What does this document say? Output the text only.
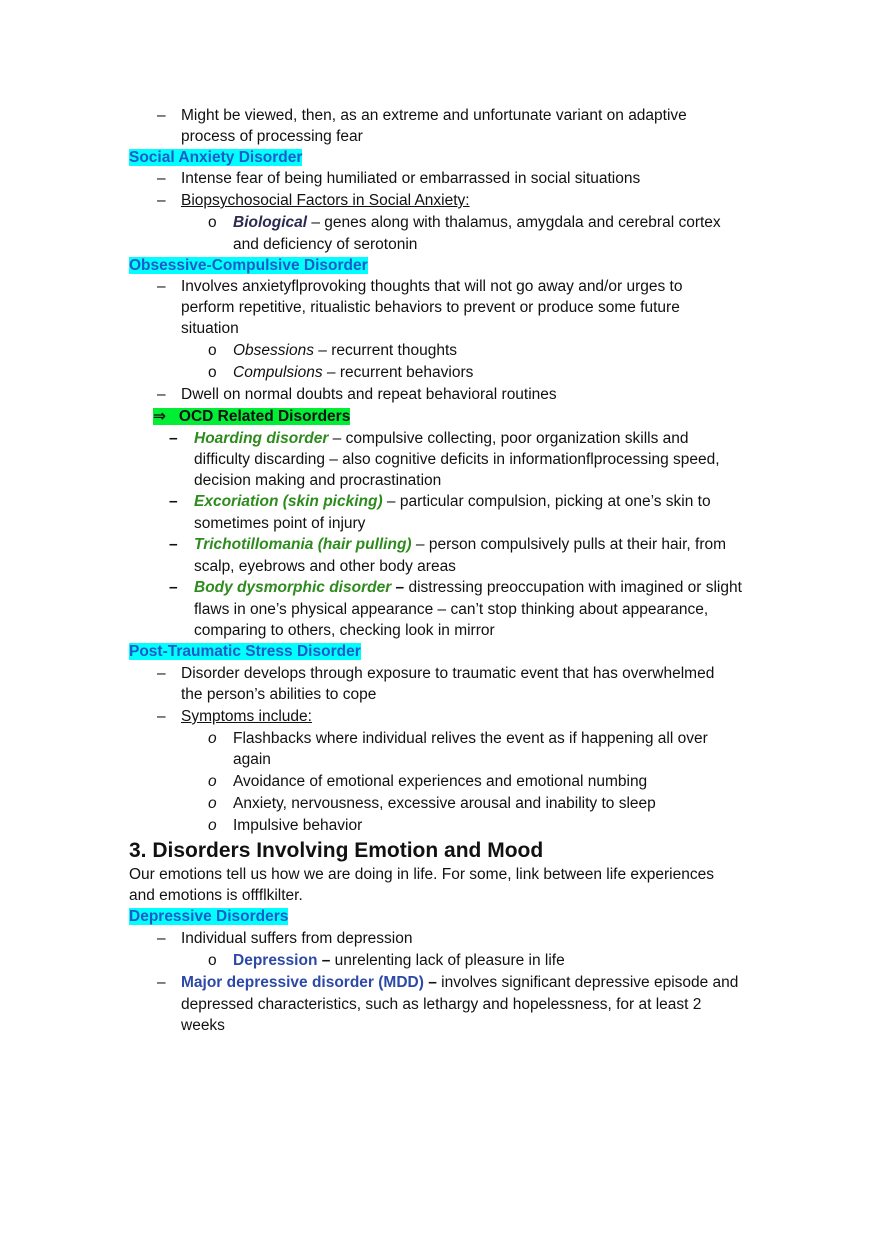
– Might be viewed, then, as an extreme and unfortunate variant on adaptive
process of processing fear
Social Anxiety Disorder
– Intense fear of being humiliated or embarrassed in social situations
– Biopsychosocial Factors in Social Anxiety:
o Biological – genes along with thalamus, amygdala and cerebral cortex
and deficiency of serotonin
Obsessive-Compulsive Disorder
– Involves anxietyﬂprovoking thoughts that will not go away and/or urges to
perform repetitive, ritualistic behaviors to prevent or produce some future
situation
o Obsessions – recurrent thoughts
o Compulsions – recurrent behaviors
– Dwell on normal doubts and repeat behavioral routines
⇒ OCD Related Disorders
– Hoarding disorder – compulsive collecting, poor organization skills and
difﬁculty discarding – also cognitive deficits in informationﬂprocessing speed,
decision making and procrastination
– Excoriation (skin picking) – particular compulsion, picking at one’s skin to
sometimes point of injury
– Trichotillomania (hair pulling) – person compulsively pulls at their hair, from
scalp, eyebrows and other body areas
– Body dysmorphic disorder – distressing preoccupation with imagined or slight
flaws in one’s physical appearance – can’t stop thinking about appearance,
comparing to others, checking look in mirror
Post-Traumatic Stress Disorder
– Disorder develops through exposure to traumatic event that has overwhelmed
the person’s abilities to cope
– Symptoms include:
o Flashbacks where individual relives the event as if happening all over
again
o Avoidance of emotional experiences and emotional numbing
o Anxiety, nervousness, excessive arousal and inability to sleep
o Impulsive behavior
3. Disorders Involving Emotion and Mood
Our emotions tell us how we are doing in life. For some, link between life experiences
and emotions is offﬂkilter.
Depressive Disorders
– Individual suffers from depression
o Depression – unrelenting lack of pleasure in life
– Major depressive disorder (MDD) – involves significant depressive episode and
depressed characteristics, such as lethargy and hopelessness, for at least 2
weeks
